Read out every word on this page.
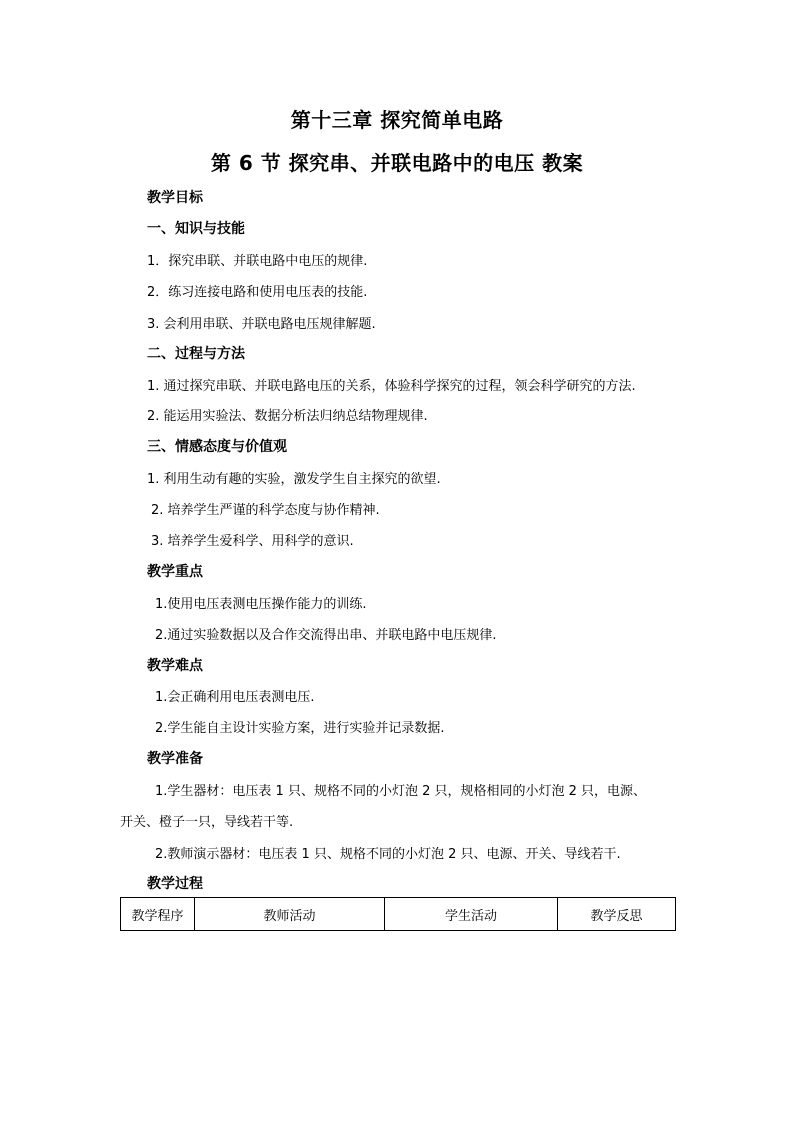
第十三章 探究简单电路
第 6 节 探究串、并联电路中的电压 教案
教学目标
一、知识与技能
1．探究串联、并联电路中电压的规律.
2．练习连接电路和使用电压表的技能.
3. 会利用串联、并联电路电压规律解题.
二、过程与方法
1. 通过探究串联、并联电路电压的关系，体验科学探究的过程，领会科学研究的方法.
2. 能运用实验法、数据分析法归纳总结物理规律.
三、情感态度与价值观
1. 利用生动有趣的实验，激发学生自主探究的欲望.
2. 培养学生严谨的科学态度与协作精神.
3. 培养学生爱科学、用科学的意识.
教学重点
1.使用电压表测电压操作能力的训练.
2.通过实验数据以及合作交流得出串、并联电路中电压规律.
教学难点
1.会正确利用电压表测电压.
2.学生能自主设计实验方案，进行实验并记录数据.
教学准备
1.学生器材：电压表 1 只、规格不同的小灯泡 2 只，规格相同的小灯泡 2 只，电源、
开关、橙子一只，导线若干等.
2.教师演示器材：电压表 1 只、规格不同的小灯泡 2 只、电源、开关、导线若干.
教学过程
教学程序	教师活动	学生活动	教学反思
